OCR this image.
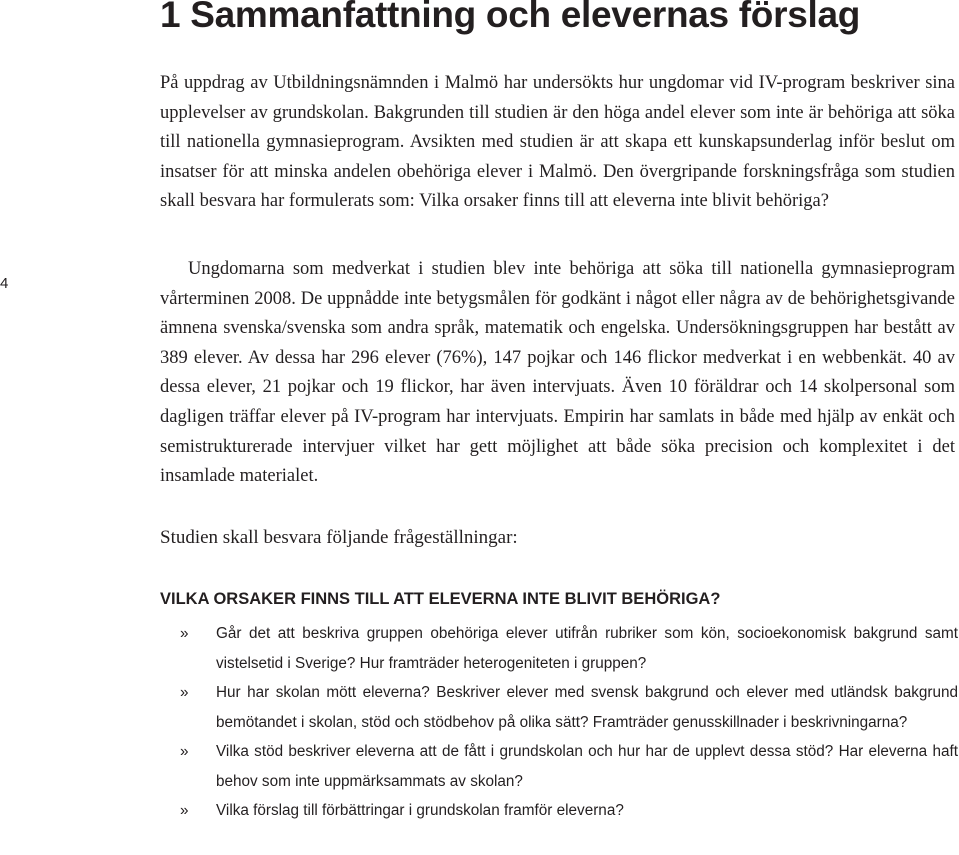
4
1 Sammanfattning och elevernas förslag

På uppdrag av Utbildningsnämnden i Malmö har undersökts hur ungdomar vid IV-program beskriver sina upplevelser av grundskolan. Bakgrunden till studien är den höga andel elever som inte är behöriga att söka till nationella gymnasieprogram. Avsikten med studien är att skapa ett kunskapsunderlag inför beslut om insatser för att minska andelen obehöriga elever i Malmö. Den övergripande forskningsfråga som studien skall besvara har formulerats som: Vilka orsaker finns till att eleverna inte blivit behöriga?

Ungdomarna som medverkat i studien blev inte behöriga att söka till nationella gymnasieprogram vårterminen 2008. De uppnådde inte betygsmålen för godkänt i något eller några av de behörighetsgivande ämnena svenska/svenska som andra språk, matematik och engelska. Undersökningsgruppen har bestått av 389 elever. Av dessa har 296 elever (76%), 147 pojkar och 146 flickor medverkat i en webbenkät. 40 av dessa elever, 21 pojkar och 19 flickor, har även intervjuats. Även 10 föräldrar och 14 skolpersonal som dagligen träffar elever på IV-program har intervjuats. Empirin har samlats in både med hjälp av enkät och semistrukturerade intervjuer vilket har gett möjlighet att både söka precision och komplexitet i det insamlade materialet.

Studien skall besvara följande frågeställningar:

VILKA ORSAKER FINNS TILL ATT ELEVERNA INTE BLIVIT BEHÖRIGA?
» Går det att beskriva gruppen obehöriga elever utifrån rubriker som kön, socioekonomisk bakgrund samt vistelsetid i Sverige? Hur framträder heterogeniteten i gruppen?
» Hur har skolan mött eleverna? Beskriver elever med svensk bakgrund och elever med utländsk bakgrund bemötandet i skolan, stöd och stödbehov på olika sätt? Framträder genusskillnader i beskrivningarna?
» Vilka stöd beskriver eleverna att de fått i grundskolan och hur har de upplevt dessa stöd? Har eleverna haft behov som inte uppmärksammats av skolan?
» Vilka förslag till förbättringar i grundskolan framför eleverna?
